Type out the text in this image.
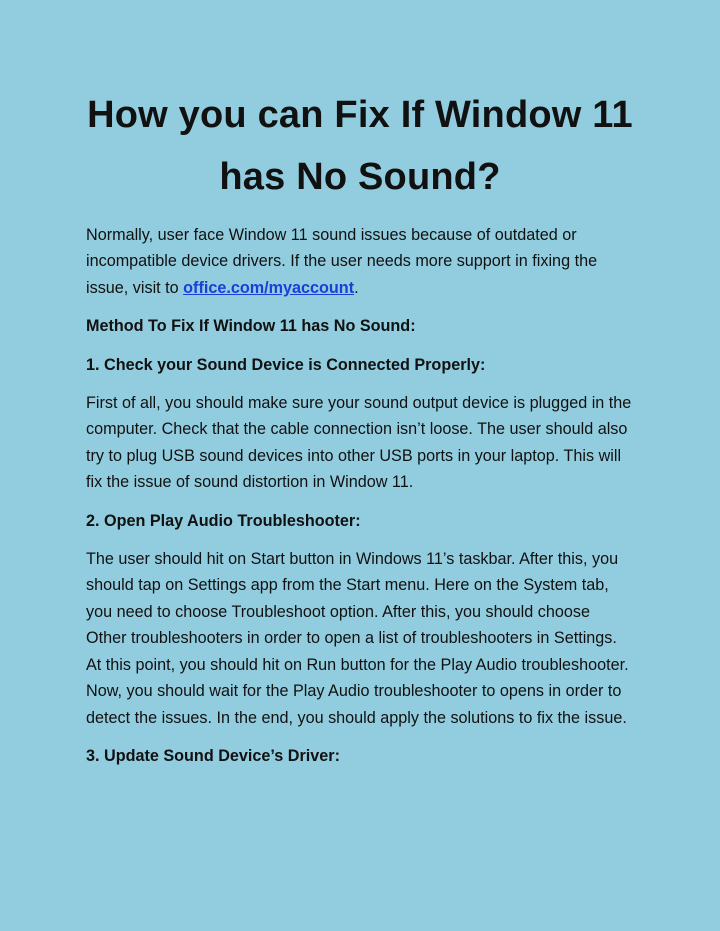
How you can Fix If Window 11 has No Sound?

Normally, user face Window 11 sound issues because of outdated or incompatible device drivers. If the user needs more support in fixing the issue, visit to office.com/myaccount.

Method To Fix If Window 11 has No Sound:

1. Check your Sound Device is Connected Properly:

First of all, you should make sure your sound output device is plugged in the computer. Check that the cable connection isn’t loose. The user should also try to plug USB sound devices into other USB ports in your laptop. This will fix the issue of sound distortion in Window 11.

2. Open Play Audio Troubleshooter:

The user should hit on Start button in Windows 11’s taskbar. After this, you should tap on Settings app from the Start menu. Here on the System tab, you need to choose Troubleshoot option. After this, you should choose Other troubleshooters in order to open a list of troubleshooters in Settings. At this point, you should hit on Run button for the Play Audio troubleshooter. Now, you should wait for the Play Audio troubleshooter to opens in order to detect the issues. In the end, you should apply the solutions to fix the issue.

3. Update Sound Device’s Driver:
